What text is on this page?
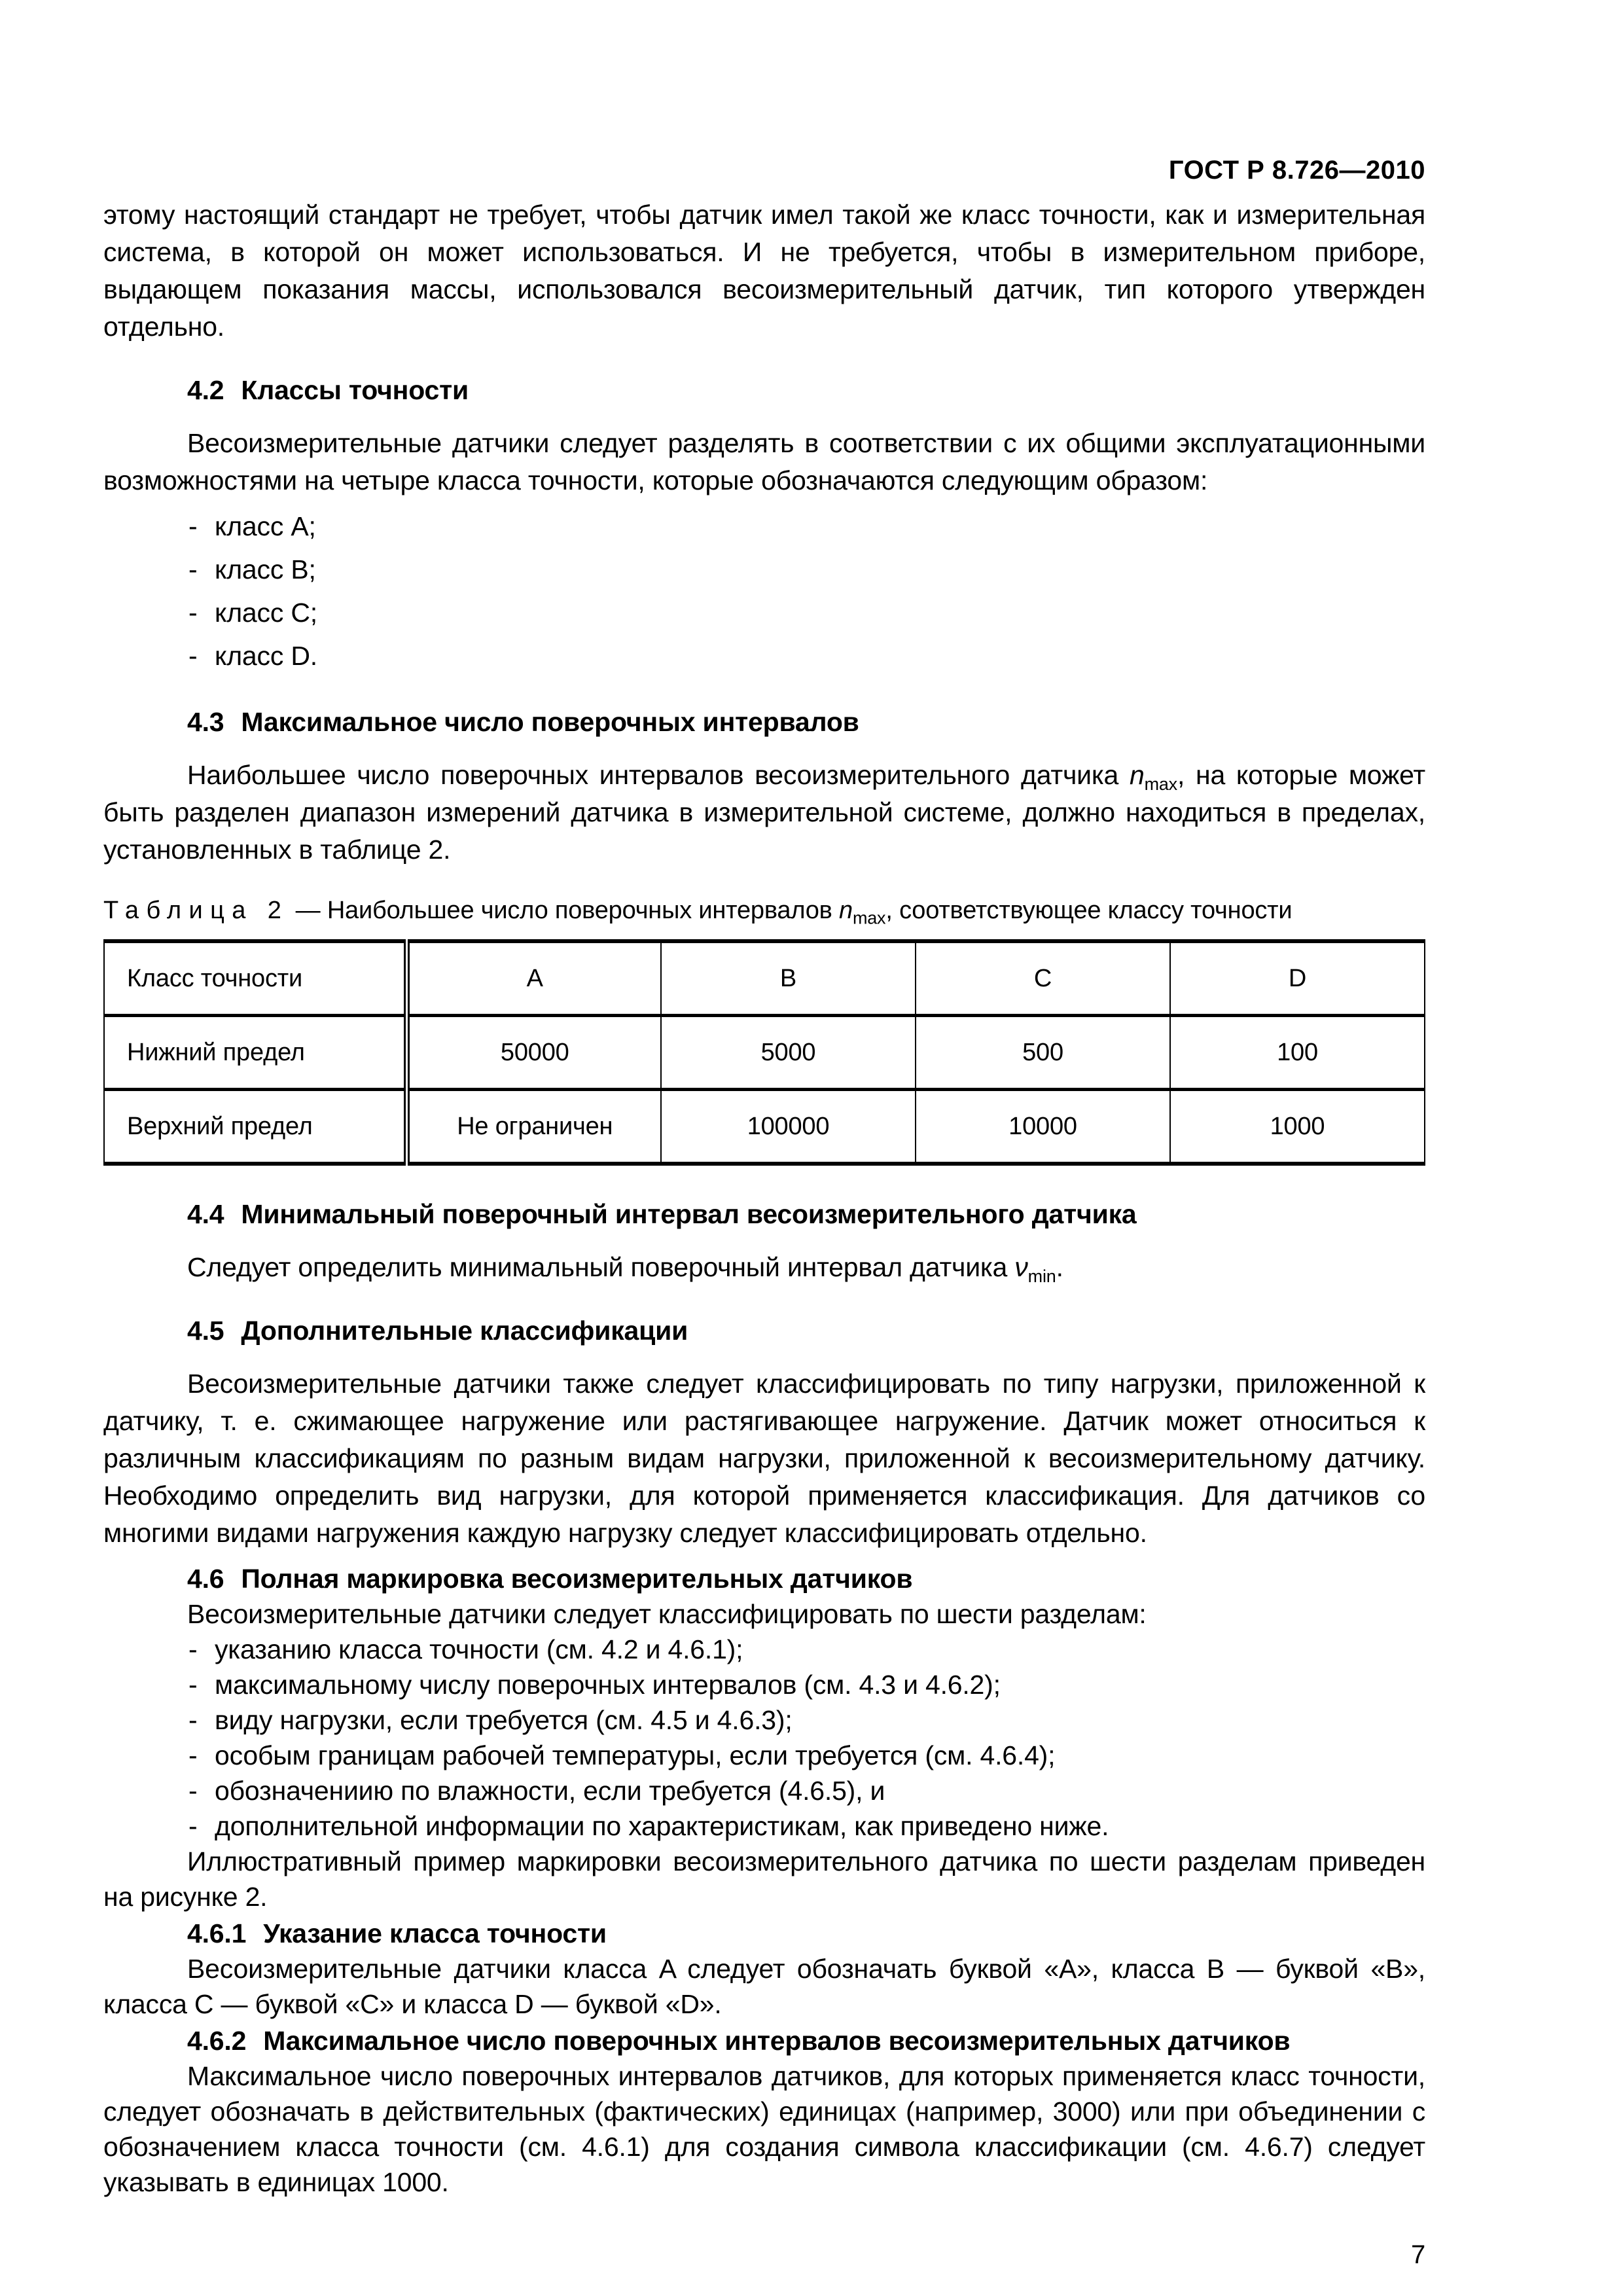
ГОСТ Р 8.726—2010

этому настоящий стандарт не требует, чтобы датчик имел такой же класс точности, как и измерительная система, в которой он может использоваться. И не требуется, чтобы в измерительном приборе, выдающем показания массы, использовался весоизмерительный датчик, тип которого утвержден отдельно.

4.2 Классы точности

Весоизмерительные датчики следует разделять в соответствии с их общими эксплуатационными возможностями на четыре класса точности, которые обозначаются следующим образом:

- класс A;
- класс B;
- класс C;
- класс D.
4.3 Максимальное число поверочных интервалов

Наибольшее число поверочных интервалов весоизмерительного датчика $n_{max}$, на которые может быть разделен диапазон измерений датчика в измерительной системе, должно находиться в пределах, установленных в таблице 2.

Таблица 2 — Наибольшее число поверочных интервалов $n_{max}$, соответствующее классу точности
Класс точности	A	B	C	D
Нижний предел	50000	5000	500	100
Верхний предел	Не ограничен	100000	10000	1000
4.4 Минимальный поверочный интервал весоизмерительного датчика

Следует определить минимальный поверочный интервал датчика $\nu_{min}$.

4.5 Дополнительные классификации

Весоизмерительные датчики также следует классифицировать по типу нагрузки, приложенной к датчику, т. е. сжимающее нагружение или растягивающее нагружение. Датчик может относиться к различным классификациям по разным видам нагрузки, приложенной к весоизмерительному датчику. Необходимо определить вид нагрузки, для которой применяется классификация. Для датчиков со многими видами нагружения каждую нагрузку следует классифицировать отдельно.

4.6 Полная маркировка весоизмерительных датчиков

Весоизмерительные датчики следует классифицировать по шести разделам:

- указанию класса точности (см. 4.2 и 4.6.1);
- максимальному числу поверочных интервалов (см. 4.3 и 4.6.2);
- виду нагрузки, если требуется (см. 4.5 и 4.6.3);
- особым границам рабочей температуры, если требуется (см. 4.6.4);
- обозначениию по влажности, если требуется (4.6.5), и
- дополнительной информации по характеристикам, как приведено ниже.

Иллюстративный пример маркировки весоизмерительного датчика по шести разделам приведен на рисунке 2.

4.6.1 Указание класса точности

Весоизмерительные датчики класса A следует обозначать буквой «A», класса B — буквой «B», класса C — буквой «C» и класса D — буквой «D».

4.6.2 Максимальное число поверочных интервалов весоизмерительных датчиков

Максимальное число поверочных интервалов датчиков, для которых применяется класс точности, следует обозначать в действительных (фактических) единицах (например, 3000) или при объединении с обозначением класса точности (см. 4.6.1) для создания символа классификации (см. 4.6.7) следует указывать в единицах 1000.

7
